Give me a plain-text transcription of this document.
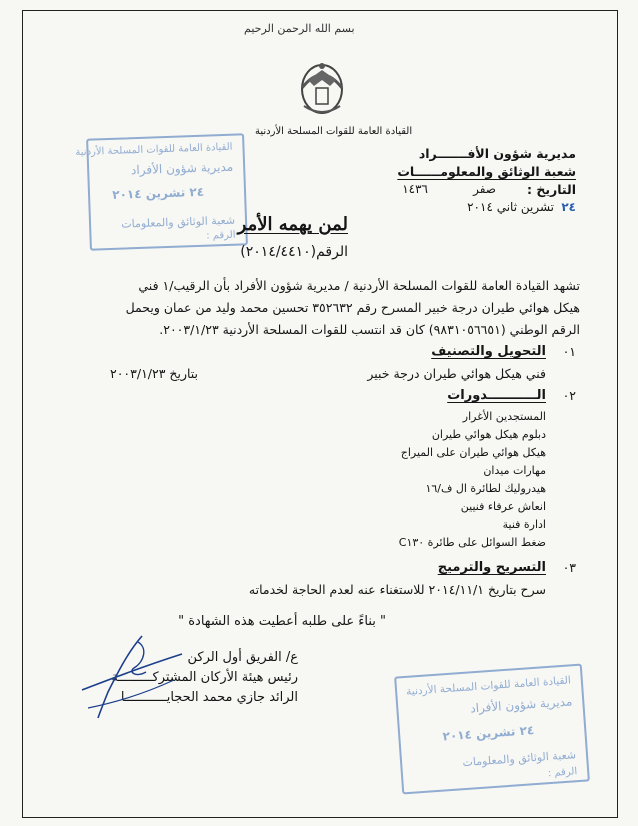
بسم الله الرحمن الرحيم
القيادة العامة للقوات المسلحة الأردنية
مديرية شؤون الأفـــــــراد
شعبة الوثائق والمعلومــــــات
التاريخ :
صفر
١٤٣٦
٢٤
تشرين ثاني ٢٠١٤
القيادة العامة للقوات المسلحة الأردنية
مديرية شؤون الأفراد
٢٤ تشرين ٢٠١٤
شعبة الوثائق والمعلومات
الرقم :
لمن يهمه الأمر
الرقم(٢٠١٤/٤٤١٠)
تشهد القيادة العامة للقوات المسلحة الأردنية / مديرية شؤون الأفراد بأن الرقيب/١ فني
هيكل هوائي طيران درجة خبير المسرح رقم ٣٥٢٦٣٢ تحسين محمد وليد من عمان ويحمل
الرقم الوطني (٩٨٣١٠٥٦٦٥١) كان قد انتسب للقوات المسلحة الأردنية ٢٠٠٣/١/٢٣.
٠١
التحويل والتصنيف
فني هيكل هوائي طيران درجة خبير
بتاريخ ٢٠٠٣/١/٢٣
٠٢
الـــــــــــدورات
المستجدين الأغرار
دبلوم هيكل هوائي طيران
هيكل هوائي طيران على الميراج
مهارات ميدان
هيدروليك لطائرة ال ف/١٦
انعاش عرفاء فنيين
ادارة فنية
ضغط السوائل على طائرة C١٣٠
٠٣
التسريح والترميج
سرح بتاريخ ٢٠١٤/١١/١ للاستغناء عنه لعدم الحاجة لخدماته
" بناءً على طلبه أعطيت هذه الشهادة "
ع/ الفريق أول الركن
رئيس هيئة الأركان المشتركـــــــــة
الرائد جازي محمد الحجايـــــــــــا	القيادة العامة للقوات المسلحة الأردنية
مديرية شؤون الأفراد
٢٤ تشرين ٢٠١٤
شعبة الوثائق والمعلومات
الرقم :
